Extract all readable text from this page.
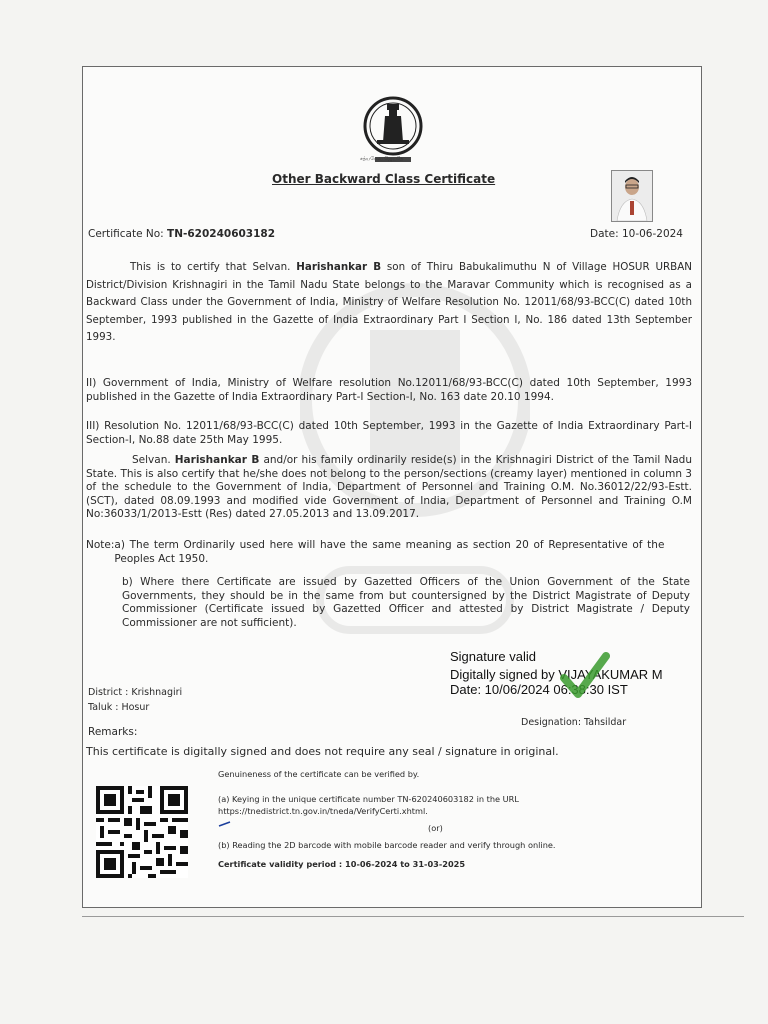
சத்யமேவ ஜெயதே
Other Backward Class Certificate
Certificate No: TN-620240603182	Date: 10-06-2024
This is to certify that Selvan. Harishankar B son of Thiru Babukalimuthu N of Village HOSUR URBAN District/Division Krishnagiri in the Tamil Nadu State belongs to the Maravar Community which is recognised as a Backward Class under the Government of India, Ministry of Welfare Resolution No. 12011/68/93-BCC(C) dated 10th September, 1993 published in the Gazette of India Extraordinary Part I Section I, No. 186 dated 13th September 1993.
II) Government of India, Ministry of Welfare resolution No.12011/68/93-BCC(C) dated 10th September, 1993 published in the Gazette of India Extraordinary Part-I Section-I, No. 163 date 20.10 1994.
III) Resolution No. 12011/68/93-BCC(C) dated 10th September, 1993 in the Gazette of India Extraordinary Part-I Section-I, No.88 date 25th May 1995.
Selvan. Harishankar B and/or his family ordinarily reside(s) in the Krishnagiri District of the Tamil Nadu State. This is also certify that he/she does not belong to the person/sections (creamy layer) mentioned in column 3 of the schedule to the Government of India, Department of Personnel and Training O.M. No.36012/22/93-Estt.(SCT), dated 08.09.1993 and modified vide Government of India, Department of Personnel and Training O.M No:36033/1/2013-Estt (Res) dated 27.05.2013 and 13.09.2017.
Note:a) The term Ordinarily used here will have the same meaning as section 20 of Representative of the Peoples Act 1950.
b) Where there Certificate are issued by Gazetted Officers of the Union Government of the State Governments, they should be in the same from but countersigned by the District Magistrate of Deputy Commissioner (Certificate issued by Gazetted Officer and attested by District Magistrate / Deputy Commissioner are not sufficient).
Signature valid
Digitally signed by VIJAYAKUMAR M
Date: 10/06/2024 06:38:30 IST
District : Krishnagiri
Taluk : Hosur
Designation: Tahsildar
Remarks:
This certificate is digitally signed and does not require any seal / signature in original.
Genuineness of the certificate can be verified by.
(a) Keying in the unique certificate number TN-620240603182 in the URL https://tnedistrict.tn.gov.in/tneda/VerifyCerti.xhtml.
(or)
(b) Reading the 2D barcode with mobile barcode reader and verify through online.
Certificate validity period : 10-06-2024 to 31-03-2025
